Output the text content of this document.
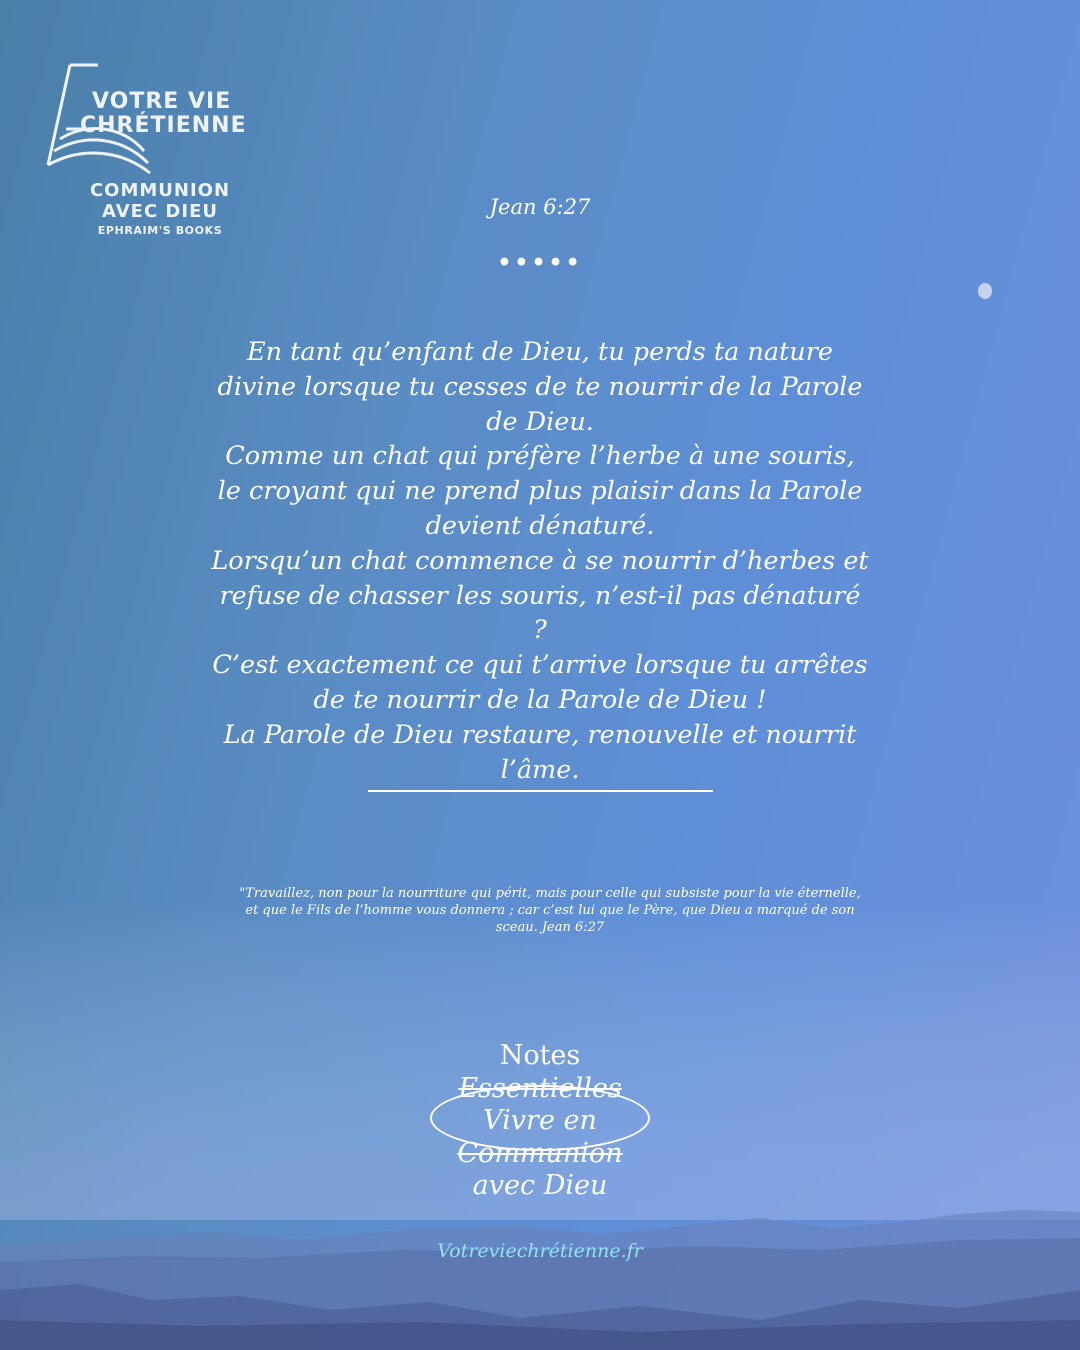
VOTRE VIE
CHRÉTIENNE
COMMUNION
AVEC DIEU
EPHRAIM'S BOOKS
Jean 6:27
•••••

En tant qu’enfant de Dieu, tu perds ta nature divine lorsque tu cesses de te nourrir de la Parole de Dieu.

Comme un chat qui préfère l’herbe à une souris, le croyant qui ne prend plus plaisir dans la Parole devient dénaturé.

Lorsqu’un chat commence à se nourrir d’herbes et refuse de chasser les souris, n’est-il pas dénaturé ?

C’est exactement ce qui t’arrive lorsque tu arrêtes de te nourrir de la Parole de Dieu !

La Parole de Dieu restaure, renouvelle et nourrit l’âme.

"Travaillez, non pour la nourriture qui périt, mais pour celle qui subsiste pour la vie éternelle, et que le Fils de l’homme vous donnera ; car c’est lui que le Père, que Dieu a marqué de son sceau. Jean 6:27
Notes
Essentielles
Vivre en
Communion
avec Dieu
Votreviechrétienne.fr
